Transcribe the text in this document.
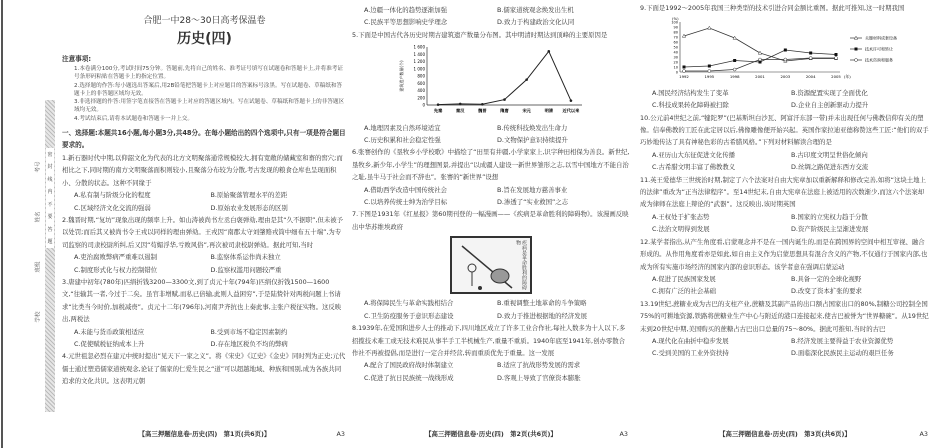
考号
姓名
班级
学校
密
封
线
内
不
要
答
题
合肥一中28～30日高考保温卷
历史(四)
注意事项:
1.本卷满分100分,考试时间75分钟。答题前,先将自己的姓名、准考证号填写在试题卷和答题卡上,并将准考证号条形码粘贴在答题卡上的指定位置。
2.选择题的作答:每小题选出答案后,用2B铅笔把答题卡上对应题目的答案标号涂黑。写在试题卷、草稿纸和答题卡上的非答题区域均无效。
3.非选择题的作答:用签字笔直接答在答题卡上对应的答题区域内。写在试题卷、草稿纸和答题卡上的非答题区域均无效。
4.考试结束后,请将本试题卷和答题卡一并上交。
一、选择题:本题共16小题,每小题3分,共48分。在每小题给出的四个选项中,只有一项是符合题目要求的。
1.新石器时代中期,以仰韶文化为代表的北方文明聚落通常规模较大,拥有宽敞的储藏室和畜的窖穴;而相比之下,同时期的南方文明聚落面积则较小,且聚落分布较为分散,考古发现的粮食仓库也呈现面积小、分散的状态。这种不同缘于
A.私有制与阶级分化的程度	B.原始聚落管理水平的差距
C.区域经济文化交流的强弱	D.原始农业发展形态的区别
2.魏晋时期,“复坊”现象出现的频率上升。如山涛被尚书左丞白褒弹劾,理由是其“久不据职”,但未被予以处罚;而后其又被尚书令王戎以同样的理由弹劾。王戎因“南郡太守刘肇赂戎筒中细布五十端”,为专司监察的司隶校尉所纠,后又因“苟媚浮华,亏败风俗”,再次被司隶校尉弹劾。据此可知,当时
A.吏治腐败弊病严重难以遏制	B.监察体系运作尚未独立
C.制度形式化与权力控制错位	D.监察权滥用问题较严重
3.唐建中初年(780年)匹绢折钱3200—3300文,到了贞元十年(794年)匹绢仅折钱1500—1600文,“往输其一者,今过于二矣。虽官非增赋,而私已倍输,此则人益困穷”,于是陆贽针对两税问题上书请求“比类当今时价,加税减赍”。贞元十二年(796年),河南尹齐抗也上奏此事,主张户税征实物。这反映出,两税法
A.未能与货币政策相适应	B.受到市场不稳定因素制约
C.促使赋税征纳成本上升	D.存在地区税负不均的弊病
4.元世祖忽必烈在建元中统时提出“见天下一家之义”。将《宋史》《辽史》《金史》同时列为正史;元代儒士通过塑造儒家道统观念,论证了儒家的仁爱生民之“道”可以超越地域、种族和国别,成为各族共同追求的文化共识。这表明元朝
【高三押题信息卷·历史(四)　第1页(共6页)】	A3
A.边疆一体化的趋势逐渐加强	B.儒家道统观念焕发出生机
C.民族平等思想影响史学理念	D.致力于构建政治文化认同
5.下面是中国古代各历史时期古建筑遗产数量分布图。其中明清时期达到顶峰的主要原因是
0
200
400
600
800
1 000
1 200
1 400
1 600
建筑遗产数量(个)
先秦	秦汉	魏晋	隋唐	宋元	明清 近代以来
A.地理因素及自然环境适宜	B.传统科技焕发出生命力
C.历史积累和社会稳定性强	D.文物保护意识持续提升
6.张謇创作的《垦牧乡小学校歌》中描绘了“田里有井疆,小学家家上,识字种田相保为善良。新世纪,垦牧乡,新少年,小学生”的理想图景,并提出“以成疆人建设一新世界雏形之志,以雪中国地方不能自治之耻,虽牛马于社会而不辞也”。张謇的“新世界”设想
A.借助西学改造中国传统社会	B.旨在发展地方慈善事业
C.以培养传统士绅为治学目标	D.渗透了“实业救国”之志
7.下图是1931年《红星报》第60期刊登的一幅漫画——《疾病是革命胜利的障碍物》。该漫画反映出中华苏维埃政府
疾病是革命胜利的障碍物
A.将保障民生与革命实践相结合	B.重视调整土地革命的斗争策略
C.卫生防疫服务于意识形态建设	D.致力于推进根据地的经济发展
8.1939年,在爱国和进步人士的推动下,四川地区成立了许多工业合作社,每社人数多为十人以下,多招揽技术难工或无技术难民从事半手工半机械生产,重量不重质。1940年底至1941年,创办零散合作社不再被提倡,而是进行一定合并经营,转而重质优先于重量。这一发展
A.配合了国民政府战时体制建立	B.适应了抗战形势发展的需求
C.促进了抗日民族统一战线形成	D.客观上导致了官僚资本膨胀
【高三押题信息卷·历史(四)　第2页(共6页)】	A3
9.下面是1992～2005年我国三种类型的技术引进合同金额比重图。据此可推知,这一时期我国
(%)
0
10
20
30
40
50
60
70
80
90
100
1992	1995	1998	2001	2003	2004	2005 (年)
关键材料成套设备
技术许可和转让
技术咨询和服务
A.国民经济结构发生了变革	B.资源配置实现了全面优化
C.科技成果转化障碍被扫除	D.企业自主创新驱动力提升
10.公元前4世纪之前,“犍陀罗”(巴基斯坦白沙瓦、阿富汗东部一带)并未出现任何与佛教信仰有关的塑像。信奉佛教的工匠在此定居以后,佛像雕像便开始兴起。英国作家拉迪亚德称赞这些工匠:“他们的双手巧妙地传达了具有神秘色彩的古希腊风格。”下列对材料解读合理的是
A.亚历山大东征促进文化传播	B.古印度文明呈世俗化倾向
C.古希腊文明丰富了佛教教义	D.丝绸之路促进东西方交流
11.英王爱德华三世统治时期,制定了六个法案对自由大宪章加以重新解释和修改完善,如将“这块土地上的法律”重改为“正当法律程序”。至14世纪末,自由大宪章在法庭上被适用的次数渐少,而这六个法案却成为律师在法庭上辩论的“武器”。这反映出,该时期英国
A.王权处于扩张态势	B.国家的立宪权力趋于分散
C.法治文明得到发展	D.资产阶级民主呈渐进发展
12.某学者指出,从产生角度看,启蒙观念并不是在一国内诞生的,而是在跨国界的空间中相互审视、融合形成的。从作用角度看亦是如此,如自由主义作为启蒙思想具有混合含义的产物,不仅通行于国家内部,也成为所有实施市场经济的国家内部的意识形态。该学者意在强调启蒙运动
A.促进了民族国家发展	B.具备一定的全球化视野
C.拥有广泛的社会基础	D.改变了资本扩张的要求
13.19世纪,蔗糖业成为古巴的支柱产业,蔗糖及其副产品的出口额占国家出口的80%,制糖公司控制全国75%的可耕地资源,铁路将蔗糖业生产中心与附近的港口连接起来,使古巴被誉为“世界糖碗”。从19世纪末到20世纪中期,美国购买的蔗糖占古巴出口总量的75～80%。据此可推知,当时的古巴
A.现代化在曲折中稳步发展	B.经济发展主要得益于农业资源优势
C.受到美国的工业外资扶持	D.面临深化民族民主运动的艰巨任务
【高三押题信息卷·历史(四)　第3页(共6页)】	A3
